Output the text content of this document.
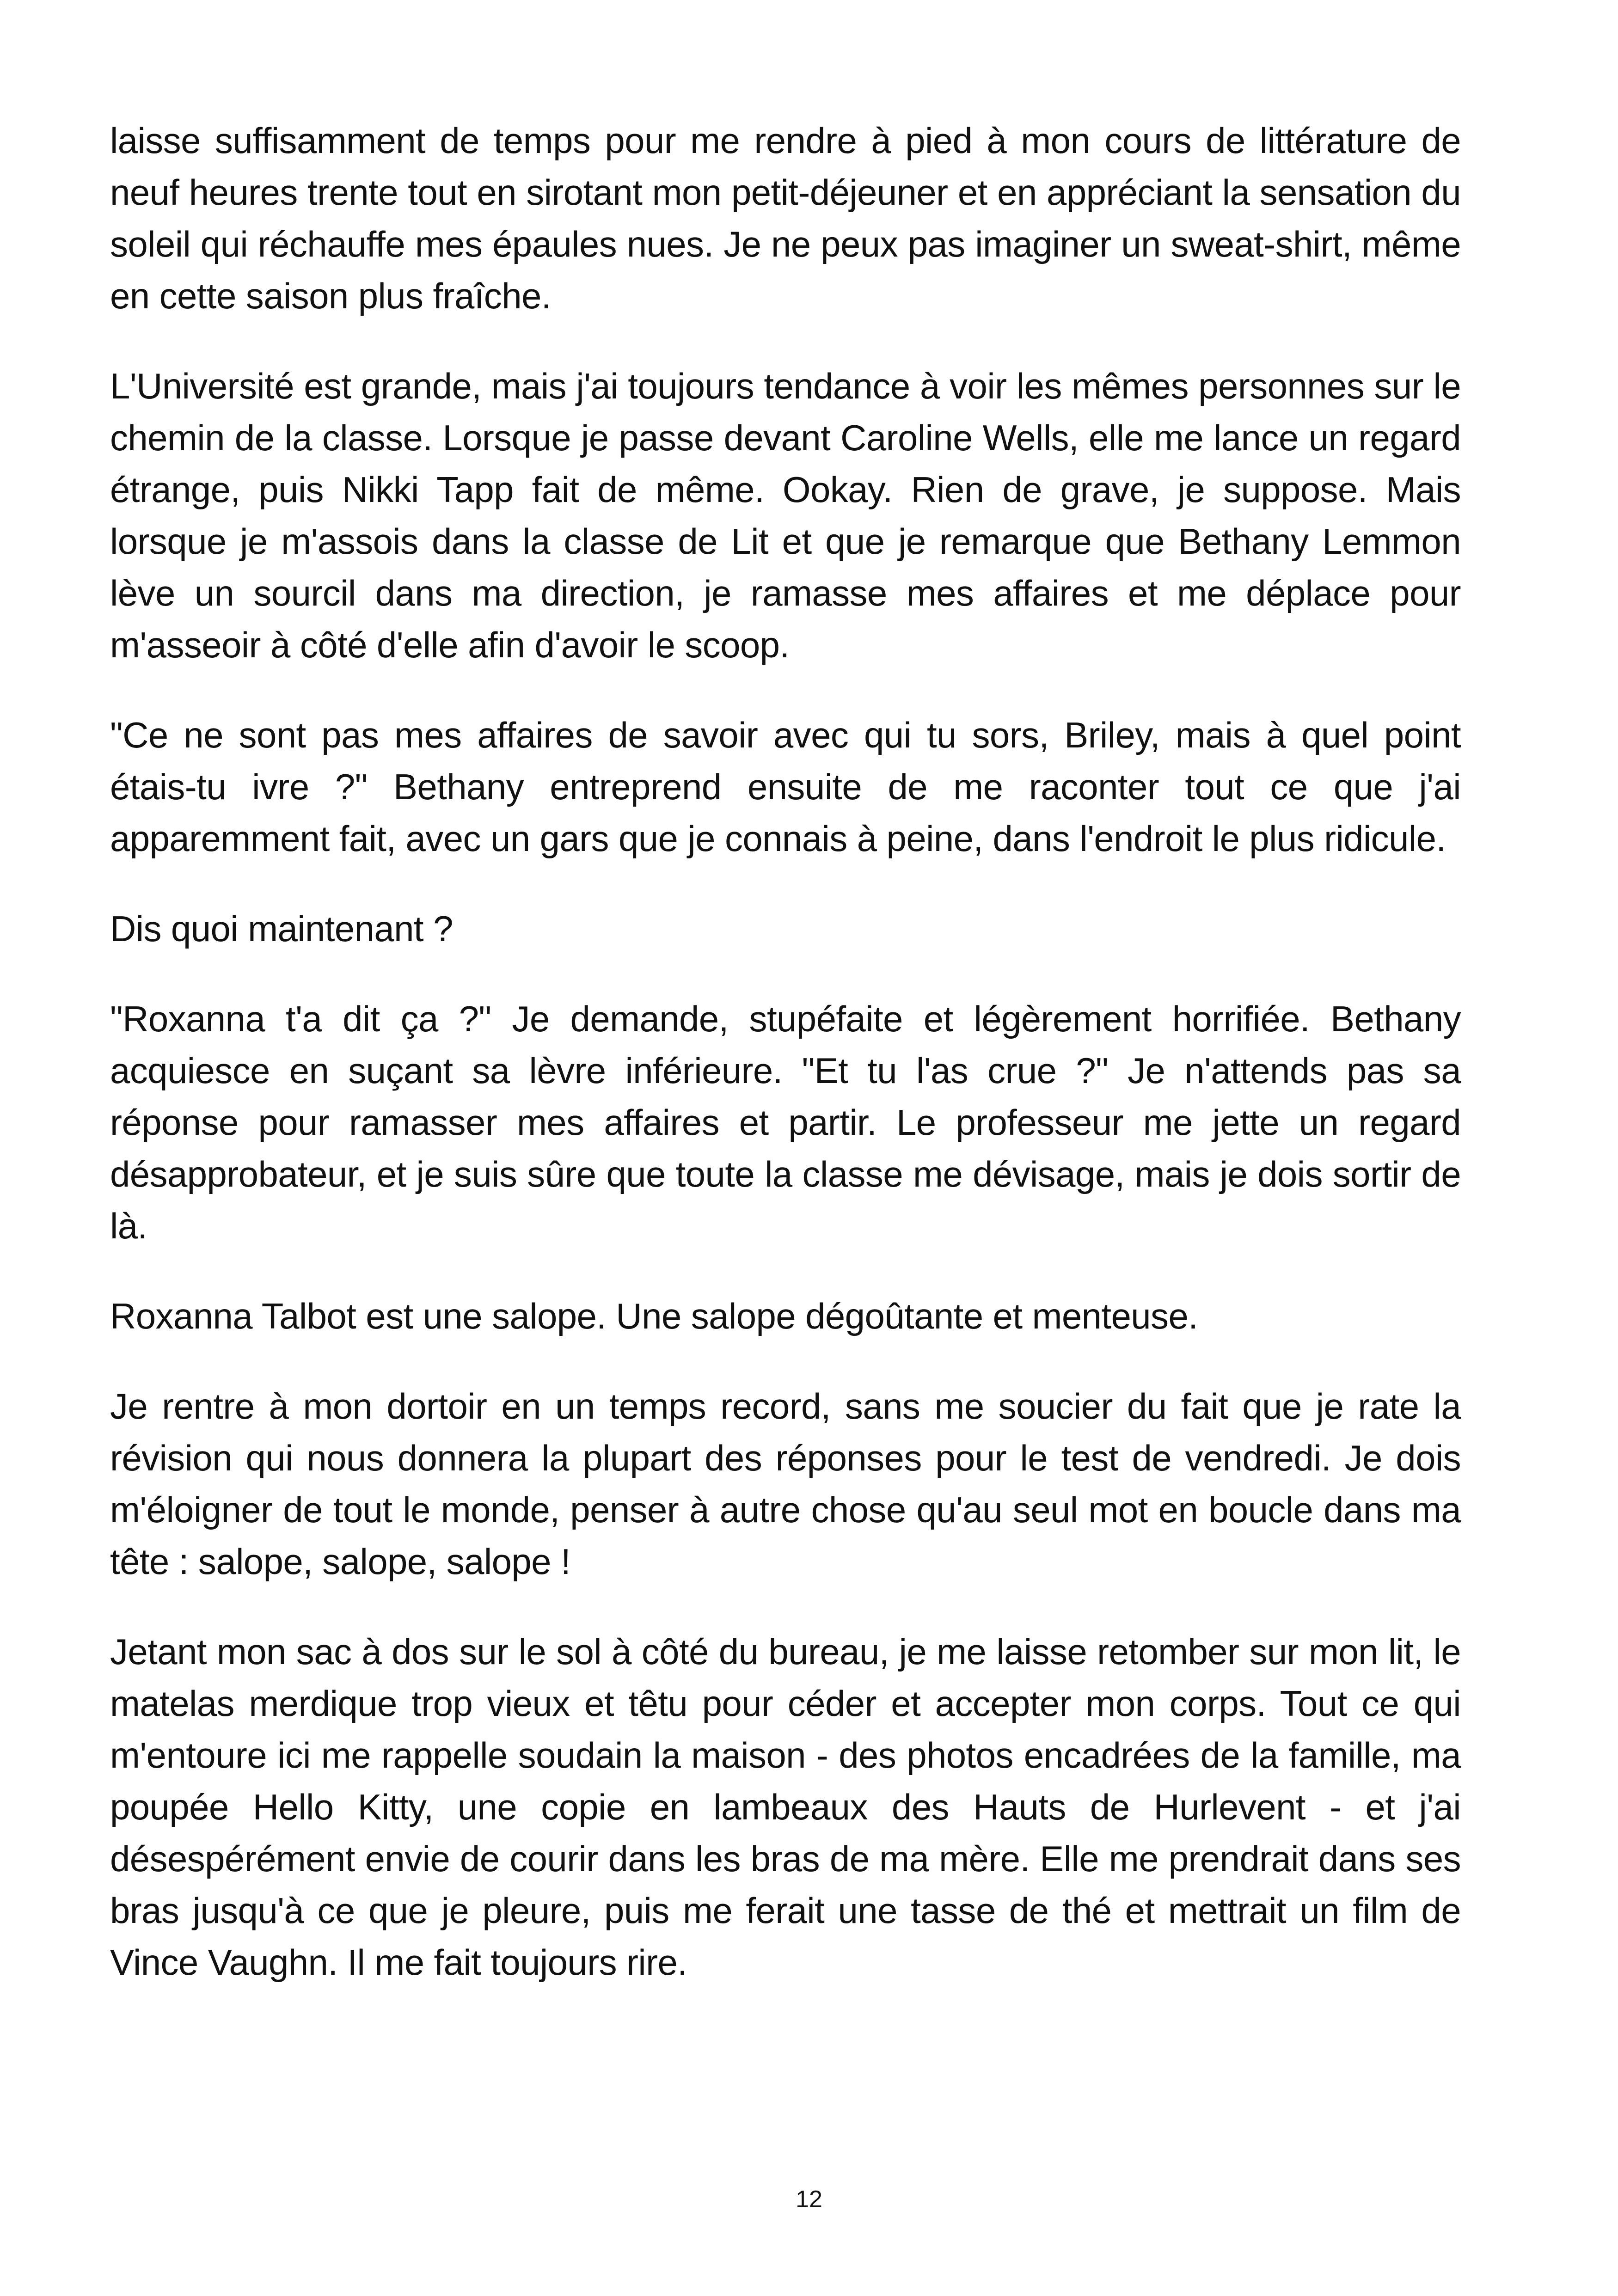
laisse suffisamment de temps pour me rendre à pied à mon cours de littérature de neuf heures trente tout en sirotant mon petit-déjeuner et en appréciant la sensation du soleil qui réchauffe mes épaules nues. Je ne peux pas imaginer un sweat-shirt, même en cette saison plus fraîche.

L'Université est grande, mais j'ai toujours tendance à voir les mêmes personnes sur le chemin de la classe. Lorsque je passe devant Caroline Wells, elle me lance un regard étrange, puis Nikki Tapp fait de même. Ookay. Rien de grave, je suppose. Mais lorsque je m'assois dans la classe de Lit et que je remarque que Bethany Lemmon lève un sourcil dans ma direction, je ramasse mes affaires et me déplace pour m'asseoir à côté d'elle afin d'avoir le scoop.

"Ce ne sont pas mes affaires de savoir avec qui tu sors, Briley, mais à quel point étais-tu ivre ?" Bethany entreprend ensuite de me raconter tout ce que j'ai apparemment fait, avec un gars que je connais à peine, dans l'endroit le plus ridicule.

Dis quoi maintenant ?

"Roxanna t'a dit ça ?" Je demande, stupéfaite et légèrement horrifiée. Bethany acquiesce en suçant sa lèvre inférieure. "Et tu l'as crue ?" Je n'attends pas sa réponse pour ramasser mes affaires et partir. Le professeur me jette un regard désapprobateur, et je suis sûre que toute la classe me dévisage, mais je dois sortir de là.

Roxanna Talbot est une salope. Une salope dégoûtante et menteuse.

Je rentre à mon dortoir en un temps record, sans me soucier du fait que je rate la révision qui nous donnera la plupart des réponses pour le test de vendredi. Je dois m'éloigner de tout le monde, penser à autre chose qu'au seul mot en boucle dans ma tête : salope, salope, salope !

Jetant mon sac à dos sur le sol à côté du bureau, je me laisse retomber sur mon lit, le matelas merdique trop vieux et têtu pour céder et accepter mon corps. Tout ce qui m'entoure ici me rappelle soudain la maison - des photos encadrées de la famille, ma poupée Hello Kitty, une copie en lambeaux des Hauts de Hurlevent - et j'ai désespérément envie de courir dans les bras de ma mère. Elle me prendrait dans ses bras jusqu'à ce que je pleure, puis me ferait une tasse de thé et mettrait un film de Vince Vaughn. Il me fait toujours rire.

12
